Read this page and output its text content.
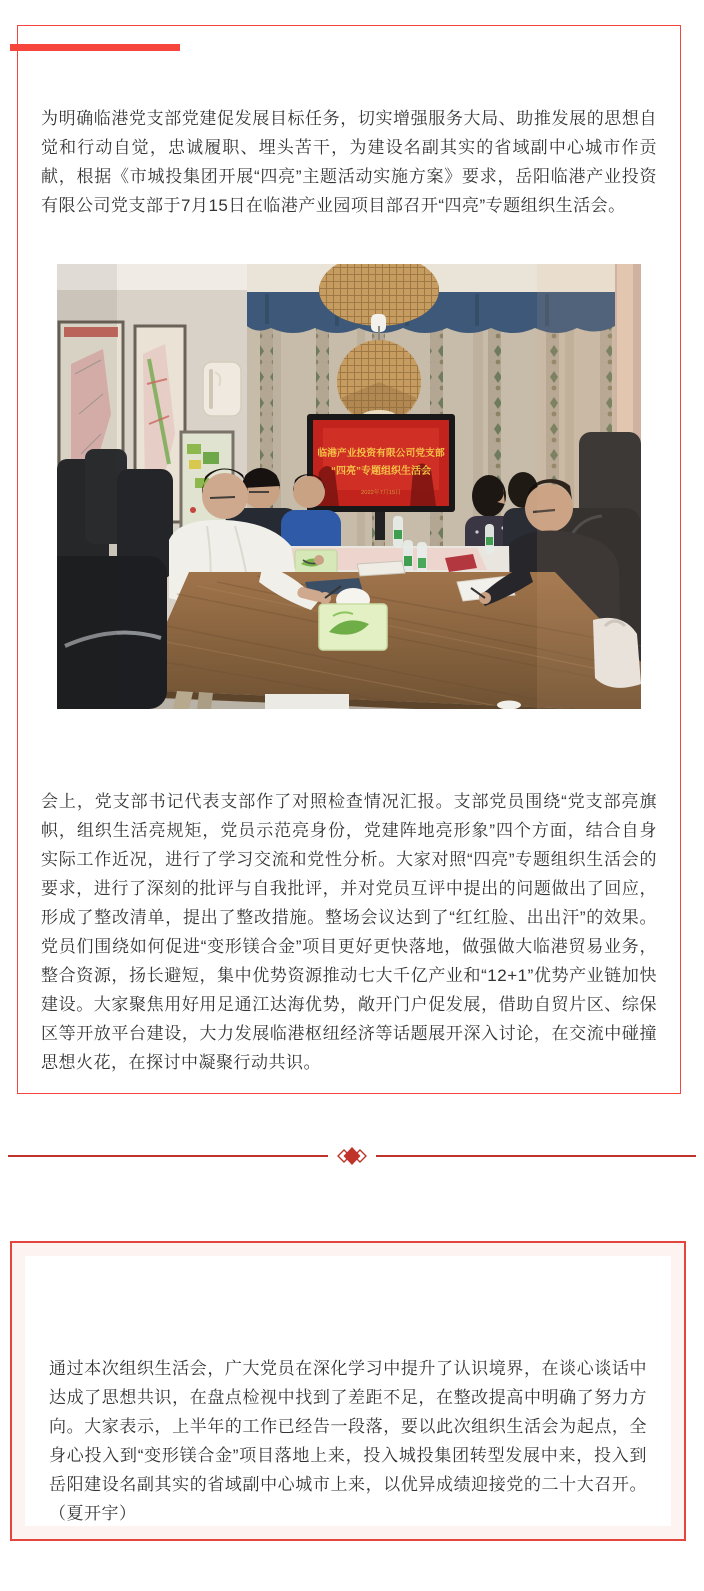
为明确临港党支部党建促发展目标任务，切实增强服务大局、助推发展的思想自觉和行动自觉，忠诚履职、埋头苦干，为建设名副其实的省域副中心城市作贡献，根据《市城投集团开展“四亮”主题活动实施方案》要求，岳阳临港产业投资有限公司党支部于7月15日在临港产业园项目部召开“四亮”专题组织生活会。

临港产业投资有限公司党支部
“四亮”专题组织生活会
2022年7月15日

会上，党支部书记代表支部作了对照检查情况汇报。支部党员围绕“党支部亮旗帜，组织生活亮规矩，党员示范亮身份，党建阵地亮形象”四个方面，结合自身实际工作近况，进行了学习交流和党性分析。大家对照“四亮”专题组织生活会的要求，进行了深刻的批评与自我批评，并对党员互评中提出的问题做出了回应，形成了整改清单，提出了整改措施。整场会议达到了“红红脸、出出汗”的效果。党员们围绕如何促进“变形镁合金”项目更好更快落地，做强做大临港贸易业务，整合资源，扬长避短，集中优势资源推动七大千亿产业和“12+1”优势产业链加快建设。大家聚焦用好用足通江达海优势，敞开门户促发展，借助自贸片区、综保区等开放平台建设，大力发展临港枢纽经济等话题展开深入讨论，在交流中碰撞思想火花，在探讨中凝聚行动共识。

通过本次组织生活会，广大党员在深化学习中提升了认识境界，在谈心谈话中达成了思想共识，在盘点检视中找到了差距不足，在整改提高中明确了努力方向。大家表示，上半年的工作已经告一段落，要以此次组织生活会为起点，全身心投入到“变形镁合金”项目落地上来，投入城投集团转型发展中来，投入到岳阳建设名副其实的省域副中心城市上来，以优异成绩迎接党的二十大召开。（夏开宇）
